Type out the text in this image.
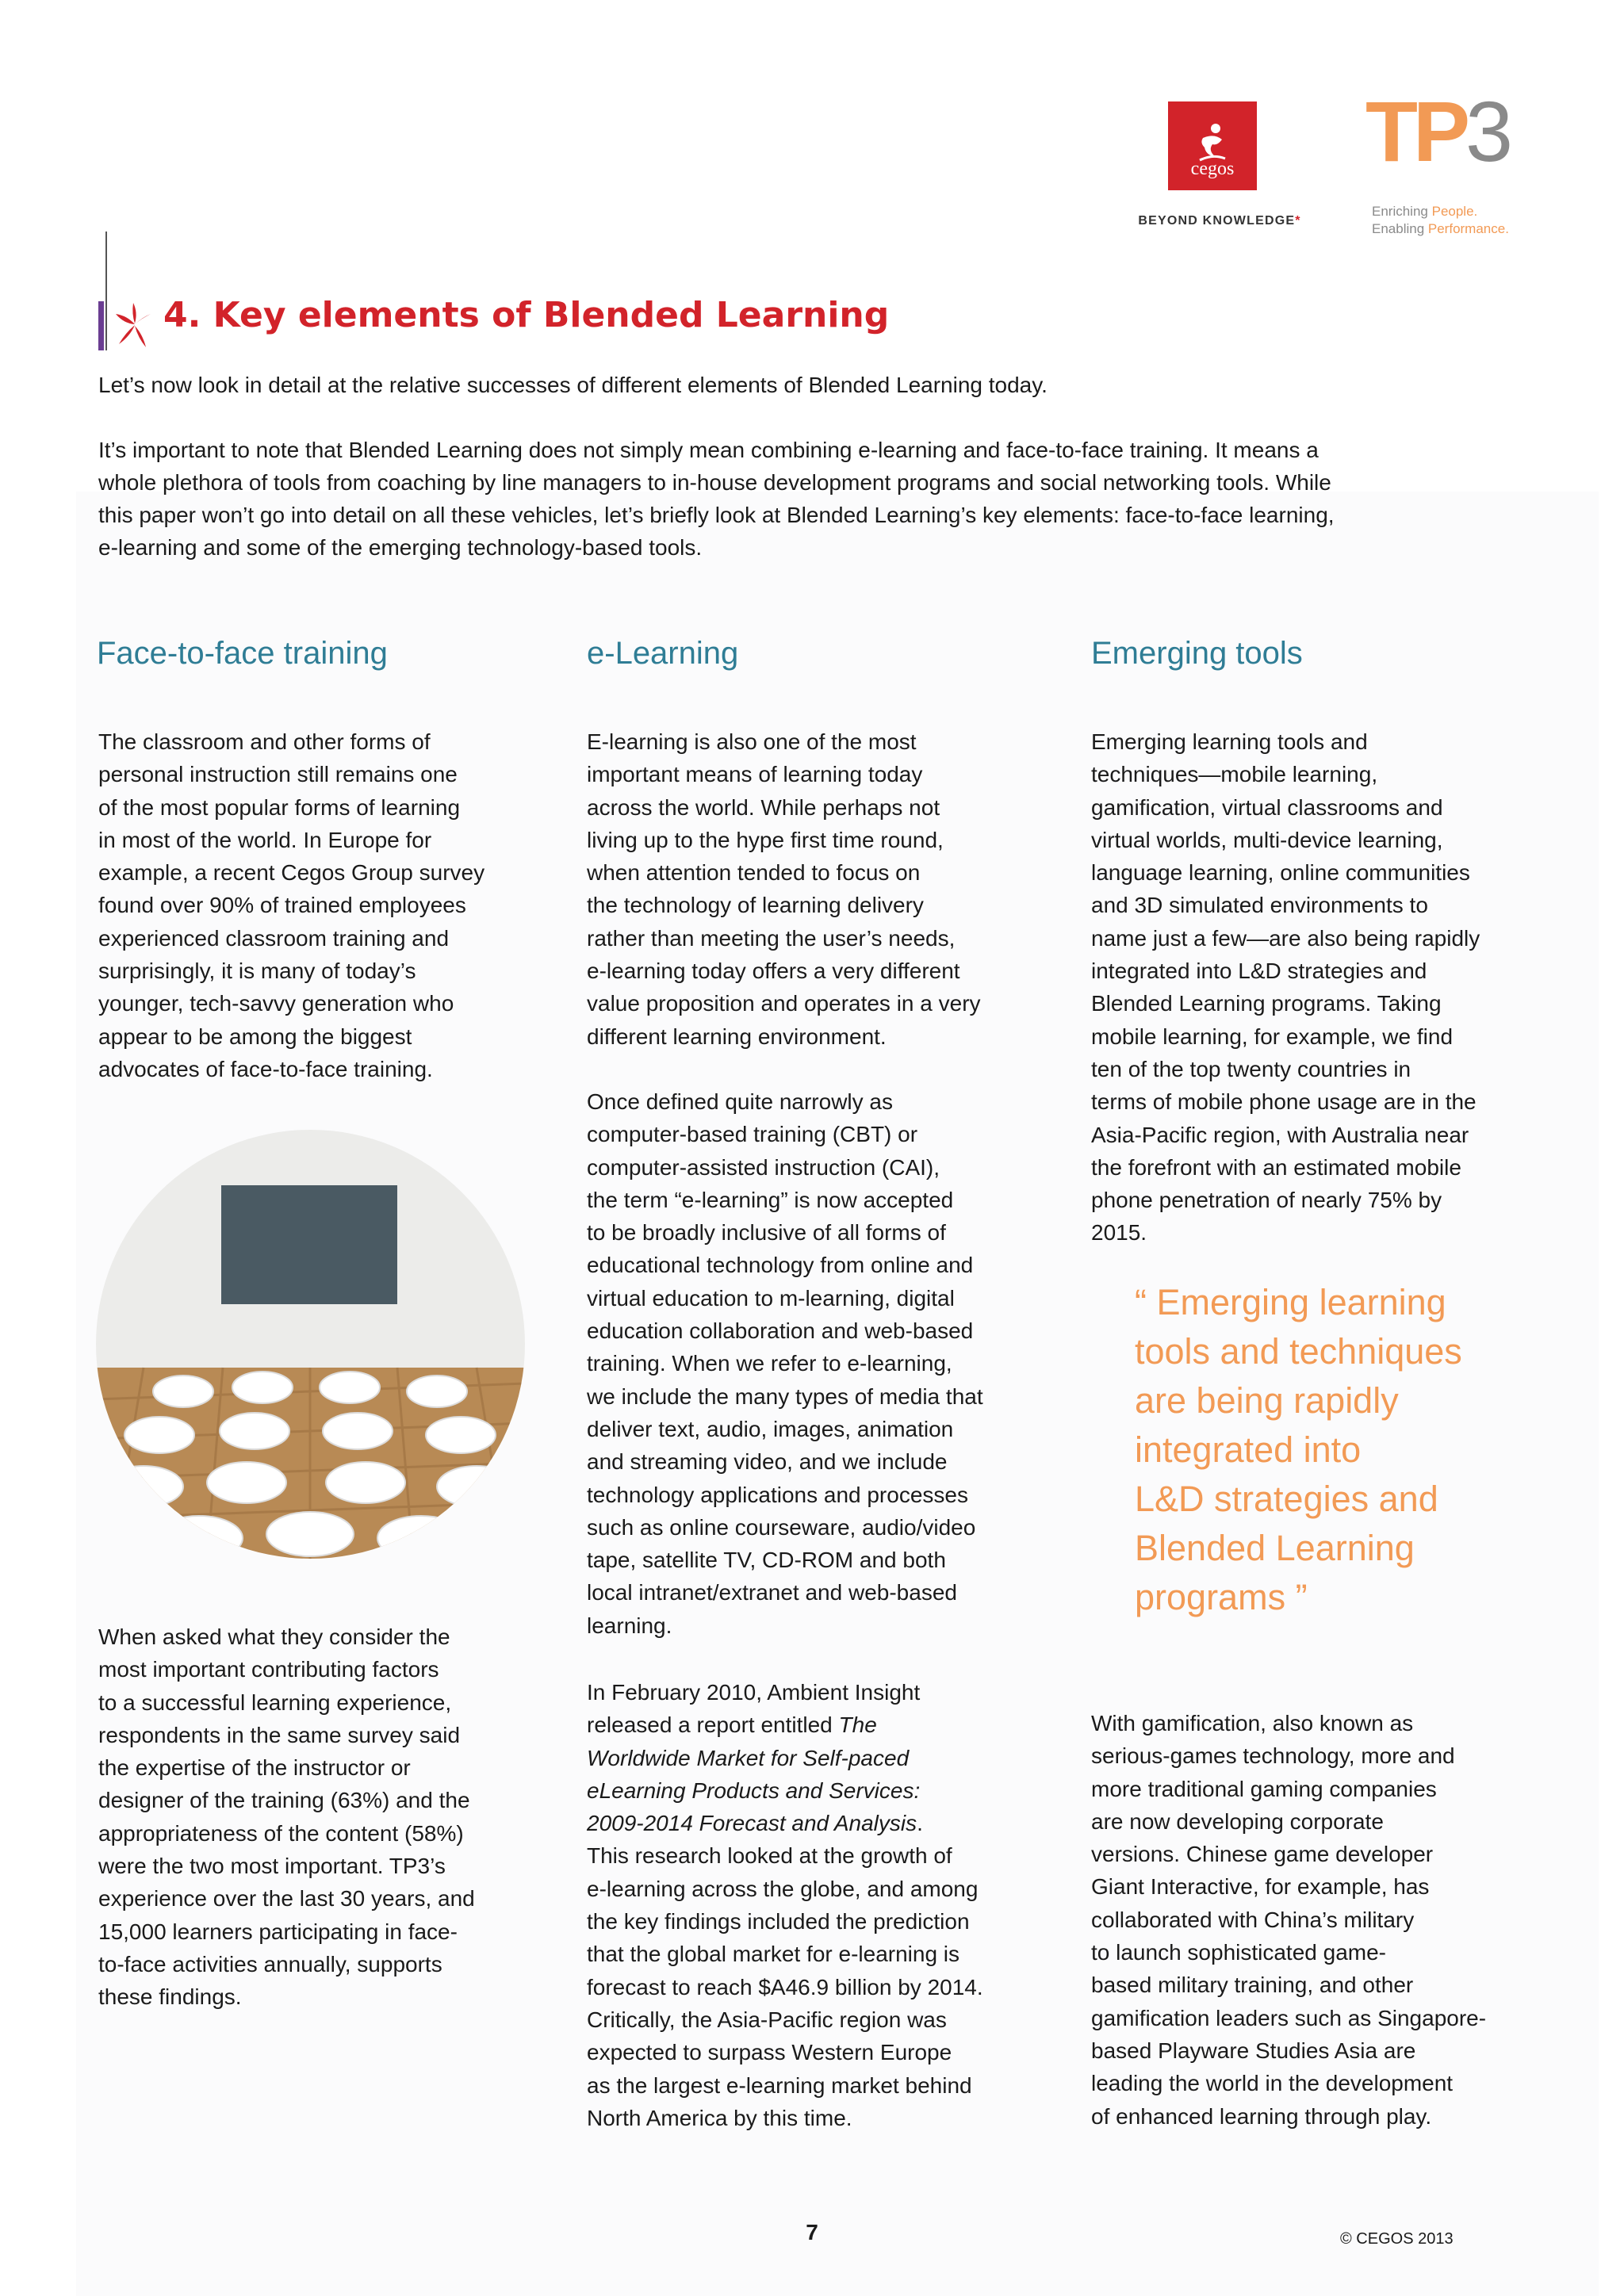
cegos
BEYOND KNOWLEDGE*
TP3
Enriching People.
Enabling Performance.
4. Key elements of Blended Learning
Let’s now look in detail at the relative successes of different elements of Blended Learning today.
It’s important to note that Blended Learning does not simply mean combining e-learning and face-to-face training. It means a
whole plethora of tools from coaching by line managers to in-house development programs and social networking tools. While
this paper won’t go into detail on all these vehicles, let’s briefly look at Blended Learning’s key elements: face-to-face learning,
e-learning and some of the emerging technology-based tools.
Face-to-face training
The classroom and other forms of
personal instruction still remains one
of the most popular forms of learning
in most of the world. In Europe for
example, a recent Cegos Group survey
found over 90% of trained employees
experienced classroom training and
surprisingly, it is many of today’s
younger, tech-savvy generation who
appear to be among the biggest
advocates of face-to-face training.
When asked what they consider the
most important contributing factors
to a successful learning experience,
respondents in the same survey said
the expertise of the instructor or
designer of the training (63%) and the
appropriateness of the content (58%)
were the two most important. TP3’s
experience over the last 30 years, and
15,000 learners participating in face-
to-face activities annually, supports
these findings.
e-Learning
E-learning is also one of the most
important means of learning today
across the world. While perhaps not
living up to the hype first time round,
when attention tended to focus on
the technology of learning delivery
rather than meeting the user’s needs,
e-learning today offers a very different
value proposition and operates in a very
different learning environment.
Once defined quite narrowly as
computer-based training (CBT) or
computer-assisted instruction (CAI),
the term “e-learning” is now accepted
to be broadly inclusive of all forms of
educational technology from online and
virtual education to m-learning, digital
education collaboration and web-based
training. When we refer to e-learning,
we include the many types of media that
deliver text, audio, images, animation
and streaming video, and we include
technology applications and processes
such as online courseware, audio/video
tape, satellite TV, CD-ROM and both
local intranet/extranet and web-based
learning.
In February 2010, Ambient Insight
released a report entitled The
Worldwide Market for Self-paced
eLearning Products and Services:
2009-2014 Forecast and Analysis.
This research looked at the growth of
e-learning across the globe, and among
the key findings included the prediction
that the global market for e-learning is
forecast to reach $A46.9 billion by 2014.
Critically, the Asia-Pacific region was
expected to surpass Western Europe
as the largest e-learning market behind
North America by this time.
Emerging tools
Emerging learning tools and
techniques—mobile learning,
gamification, virtual classrooms and
virtual worlds, multi-device learning,
language learning, online communities
and 3D simulated environments to
name just a few—are also being rapidly
integrated into L&D strategies and
Blended Learning programs. Taking
mobile learning, for example, we find
ten of the top twenty countries in
terms of mobile phone usage are in the
Asia-Pacific region, with Australia near
the forefront with an estimated mobile
phone penetration of nearly 75% by
2015.
“ Emerging learning
tools and techniques
are being rapidly
integrated into
L&D strategies and
Blended Learning
programs ”
With gamification, also known as
serious-games technology, more and
more traditional gaming companies
are now developing corporate
versions. Chinese game developer
Giant Interactive, for example, has
collaborated with China’s military
to launch sophisticated game-
based military training, and other
gamification leaders such as Singapore-
based Playware Studies Asia are
leading the world in the development
of enhanced learning through play.
7	© CEGOS 2013
